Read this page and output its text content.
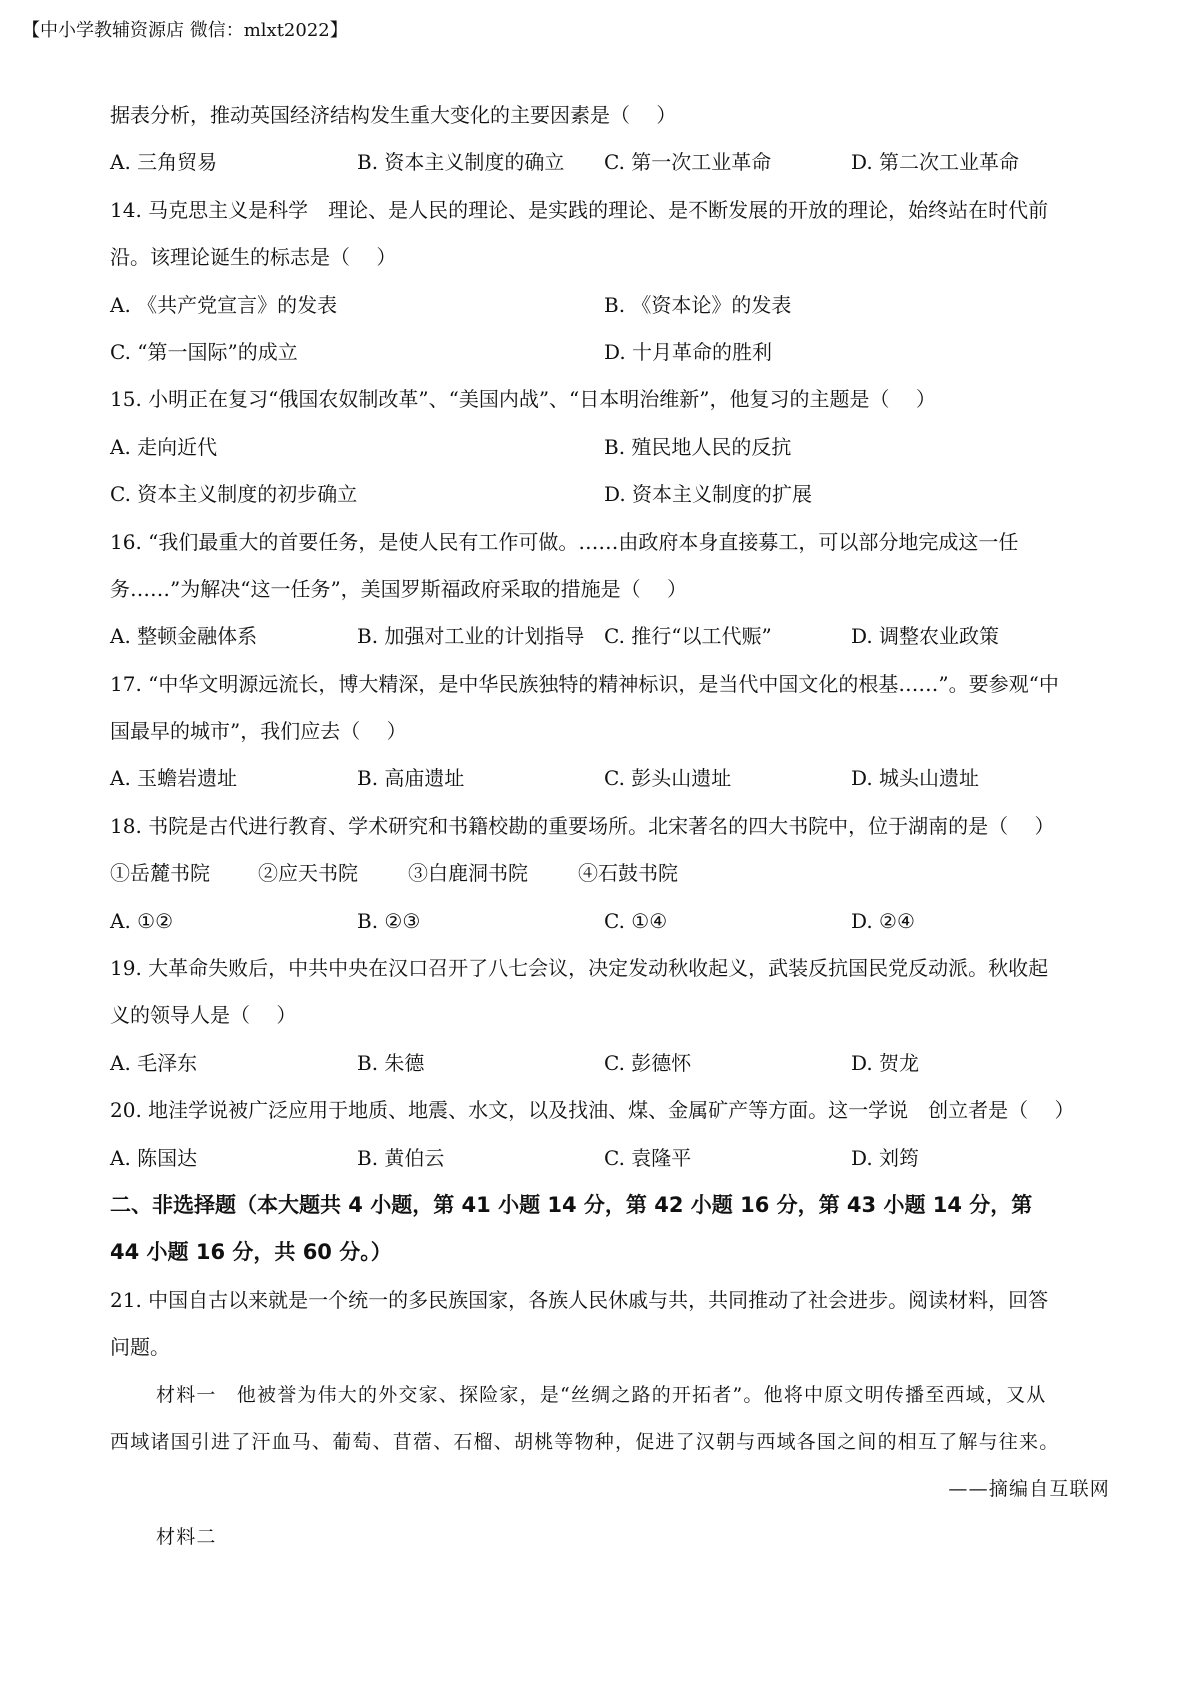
【中小学教辅资源店 微信：mlxt2022】
据表分析，推动英国经济结构发生重大变化的主要因素是（　 ）
A. 三角贸易	B. 资本主义制度的确立 C. 第一次工业革命	D. 第二次工业革命
14. 马克思主义是科学　理论、是人民的理论、是实践的理论、是不断发展的开放的理论，始终站在时代前
沿。该理论诞生的标志是（　 ）
A. 《共产党宣言》的发表	B. 《资本论》的发表
C. “第一国际”的成立	D. 十月革命的胜利
15. 小明正在复习“俄国农奴制改革”、“美国内战”、“日本明治维新”，他复习的主题是（　 ）
A. 走向近代	B. 殖民地人民的反抗
C. 资本主义制度的初步确立	D. 资本主义制度的扩展
16. “我们最重大的首要任务，是使人民有工作可做。……由政府本身直接募工，可以部分地完成这一任
务……”为解决“这一任务”，美国罗斯福政府采取的措施是（　 ）
A. 整顿金融体系	B. 加强对工业的计划指导 C. 推行“以工代赈”	D. 调整农业政策
17. “中华文明源远流长，博大精深，是中华民族独特的精神标识，是当代中国文化的根基……”。要参观“中
国最早的城市”，我们应去（　 ）
A. 玉蟾岩遗址	B. 高庙遗址	C. 彭头山遗址	D. 城头山遗址
18. 书院是古代进行教育、学术研究和书籍校勘的重要场所。北宋著名的四大书院中，位于湖南的是（　 ）
①岳麓书院 ②应天书院	③白鹿洞书院	④石鼓书院
A. ①②	B. ②③	C. ①④	D. ②④
19. 大革命失败后，中共中央在汉口召开了八七会议，决定发动秋收起义，武装反抗国民党反动派。秋收起
义的领导人是（　 ）
A. 毛泽东	B. 朱德	C. 彭德怀	D. 贺龙
20. 地洼学说被广泛应用于地质、地震、水文，以及找油、煤、金属矿产等方面。这一学说　创立者是（　 ）
A. 陈国达	B. 黄伯云	C. 袁隆平	D. 刘筠
二、非选择题（本大题共 4 小题，第 41 小题 14 分，第 42 小题 16 分，第 43 小题 14 分，第
44 小题 16 分，共 60 分。）
21. 中国自古以来就是一个统一的多民族国家，各族人民休戚与共，共同推动了社会进步。阅读材料，回答
问题。
材料一　他被誉为伟大的外交家、探险家，是“丝绸之路的开拓者”。他将中原文明传播至西域，又从
西域诸国引进了汗血马、葡萄、苜蓿、石榴、胡桃等物种，促进了汉朝与西域各国之间的相互了解与往来。
——摘编自互联网
材料二
